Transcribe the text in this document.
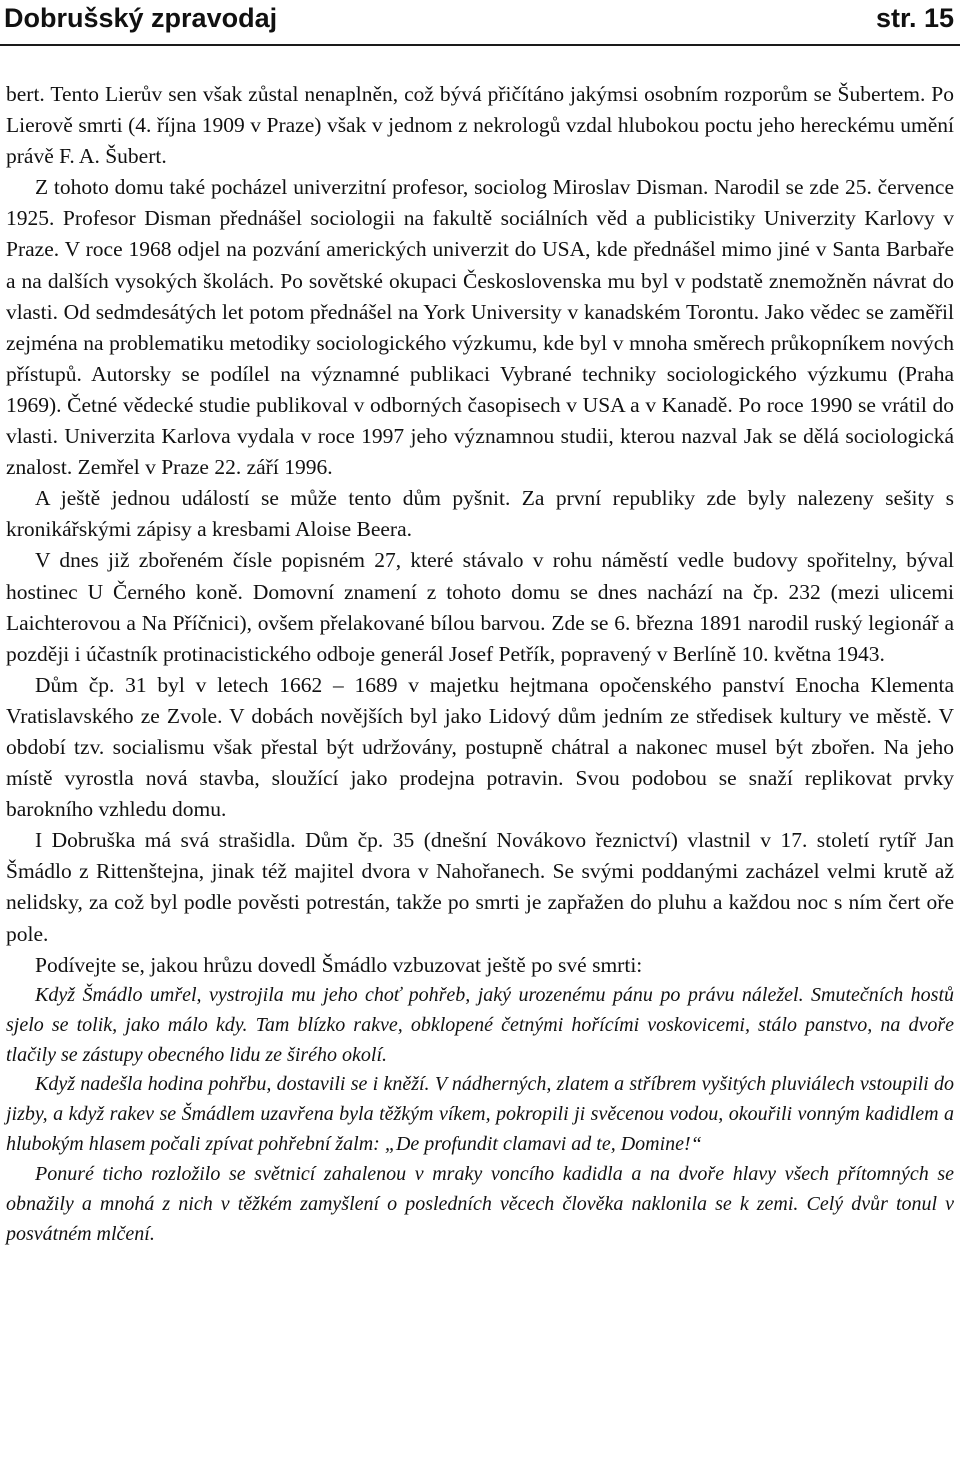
Dobrušský zpravodaj	str. 15

bert. Tento Lierův sen však zůstal nenaplněn, což bývá přičítáno jakýmsi osobním rozporům se Šubertem. Po Lierově smrti (4. října 1909 v Praze) však v jednom z nekrologů vzdal hlubokou poctu jeho hereckému umění právě F. A. Šubert.

Z tohoto domu také pocházel univerzitní profesor, sociolog Miroslav Disman. Narodil se zde 25. července 1925. Profesor Disman přednášel sociologii na fakultě sociálních věd a publicistiky Univerzity Karlovy v Praze. V roce 1968 odjel na pozvání amerických univerzit do USA, kde přednášel mimo jiné v Santa Barbaře a na dalších vysokých školách. Po sovětské okupaci Československa mu byl v podstatě znemožněn návrat do vlasti. Od sedmdesátých let potom přednášel na York University v kanadském Torontu. Jako vědec se zaměřil zejména na problematiku metodiky sociologického výzkumu, kde byl v mnoha směrech průkopníkem nových přístupů. Autorsky se podílel na významné publikaci Vybrané techniky sociologického výzkumu (Praha 1969). Četné vědecké studie publikoval v odborných časopisech v USA a v Kanadě. Po roce 1990 se vrátil do vlasti. Univerzita Karlova vydala v roce 1997 jeho významnou studii, kterou nazval Jak se dělá sociologická znalost. Zemřel v Praze 22. září 1996.

A ještě jednou událostí se může tento dům pyšnit. Za první republiky zde byly nalezeny sešity s kronikářskými zápisy a kresbami Aloise Beera.

V dnes již zbořeném čísle popisném 27, které stávalo v rohu náměstí vedle budovy spořitelny, býval hostinec U Černého koně. Domovní znamení z tohoto domu se dnes nachází na čp. 232 (mezi ulicemi Laichterovou a Na Příčnici), ovšem přelakované bílou barvou. Zde se 6. března 1891 narodil ruský legionář a později i účastník protinacistického odboje generál Josef Petřík, popravený v Berlíně 10. května 1943.

Dům čp. 31 byl v letech 1662 – 1689 v majetku hejtmana opočenského panství Enocha Klementa Vratislavského ze Zvole. V dobách novějších byl jako Lidový dům jedním ze středisek kultury ve městě. V období tzv. socialismu však přestal být udržovány, postupně chátral a nakonec musel být zbořen. Na jeho místě vyrostla nová stavba, sloužící jako prodejna potravin. Svou podobou se snaží replikovat prvky barokního vzhledu domu.

I Dobruška má svá strašidla. Dům čp. 35 (dnešní Novákovo řeznictví) vlastnil v 17. století rytíř Jan Šmádlo z Rittenštejna, jinak též majitel dvora v Nahořanech. Se svými poddanými zacházel velmi krutě až nelidsky, za což byl podle pověsti potrestán, takže po smrti je zapřažen do pluhu a každou noc s ním čert oře pole.

Podívejte se, jakou hrůzu dovedl Šmádlo vzbuzovat ještě po své smrti:

Když Šmádlo umřel, vystrojila mu jeho choť pohřeb, jaký urozenému pánu po právu náležel. Smutečních hostů sjelo se tolik, jako málo kdy. Tam blízko rakve, obklopené četnými hořícími voskovicemi, stálo panstvo, na dvoře tlačily se zástupy obecného lidu ze širého okolí.

Když nadešla hodina pohřbu, dostavili se i kněží. V nádherných, zlatem a stříbrem vyšitých pluviálech vstoupili do jizby, a když rakev se Šmádlem uzavřena byla těžkým víkem, pokropili ji svěcenou vodou, okouřili vonným kadidlem a hlubokým hlasem počali zpívat pohřební žalm: „De profundit clamavi ad te, Domine!“

Ponuré ticho rozložilo se světnicí zahalenou v mraky voncího kadidla a na dvoře hlavy všech přítomných se obnažily a mnohá z nich v těžkém zamyšlení o posledních věcech člověka naklonila se k zemi. Celý dvůr tonul v posvátném mlčení.
